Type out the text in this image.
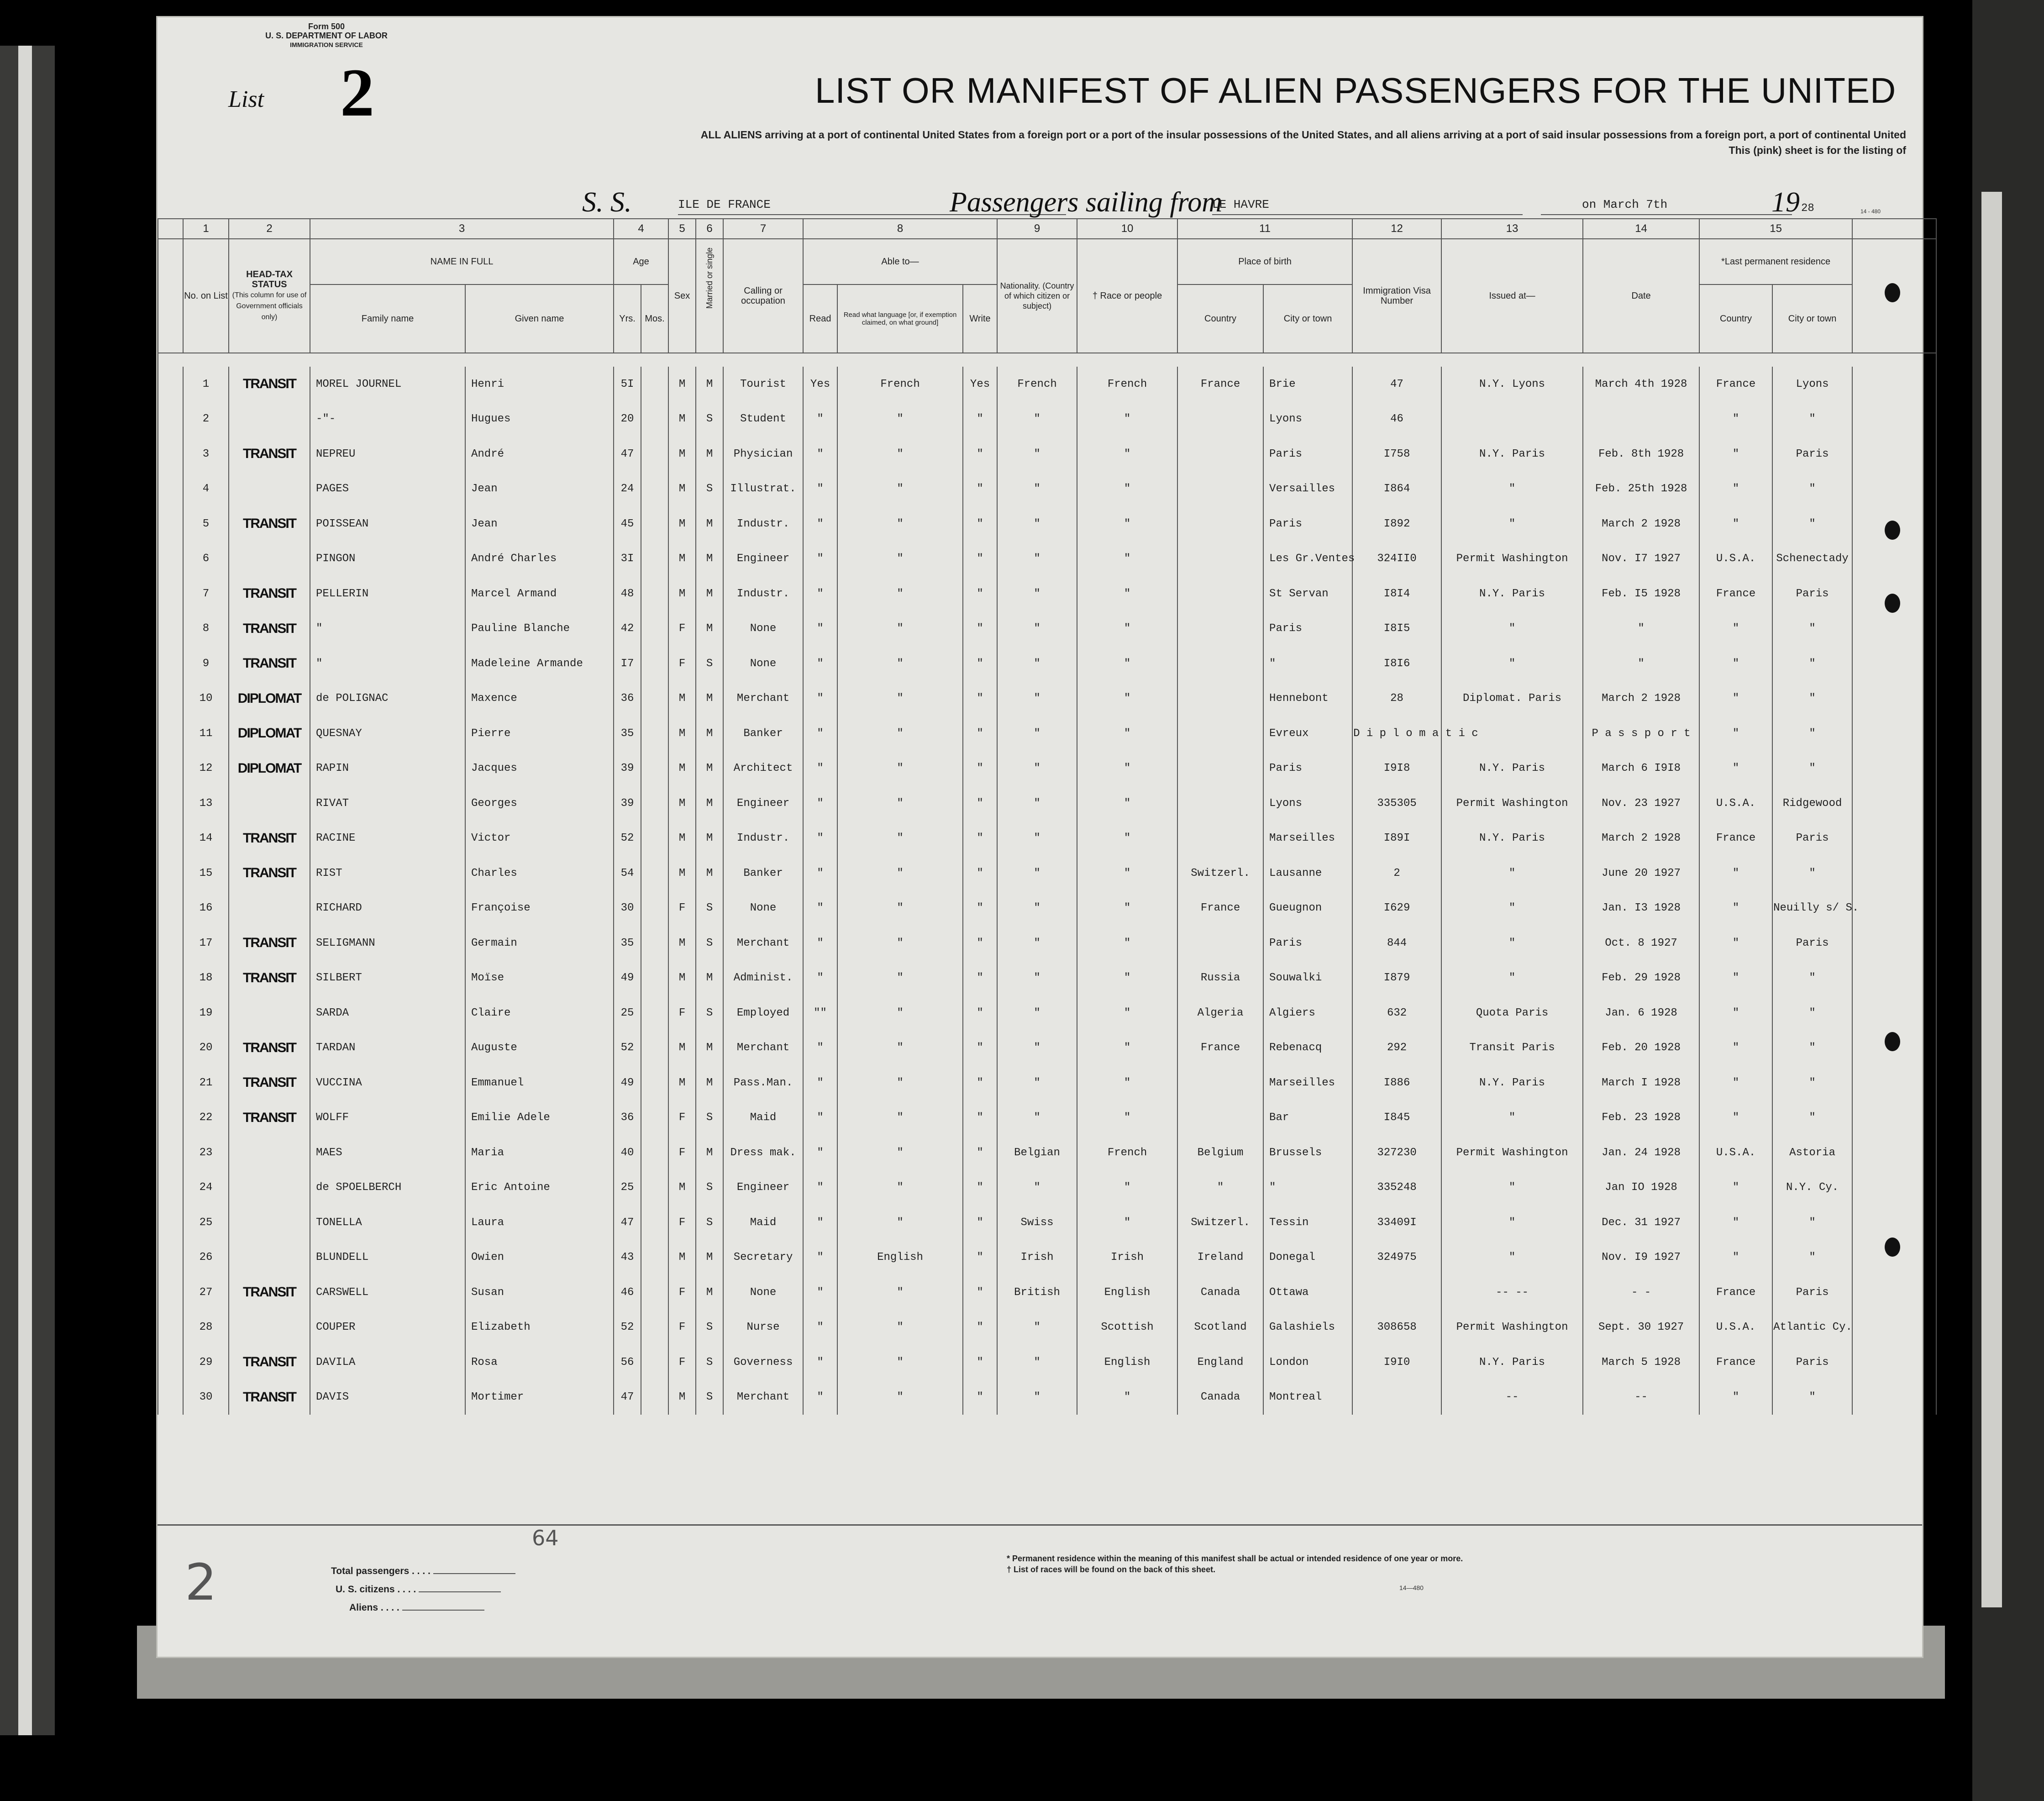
Form 500
U. S. DEPARTMENT OF LABOR
IMMIGRATION SERVICE
List 2	LIST OR MANIFEST OF ALIEN PASSENGERS FOR THE UNITED
ALL ALIENS arriving at a port of continental United States from a foreign port or a port of the insular possessions of the United States, and all aliens arriving at a port of said insular possessions from a foreign port, a port of continental United
This (pink) sheet is for the listing of
S. S.	ILE DE FRANCE	Passengers sailing from
LE HAVRE	on March 7th	19 28	14 - 480
	1	2	3		4		5	6	7	8			9	10	11		12	13	14	15		
	No. on List	HEAD-TAX STATUS
(This column for use of Government officials only)	NAME IN FULL		Age		Sex	Married or single	Calling or occupation	Able to—			Nationality. (Country of which citizen or subject)	† Race or people	Place of birth		Immigration Visa Number	Issued at—	Date	*Last permanent residence		
			Family name	Given name	Yrs.	Mos.				Read	Read what language [or, if exemption claimed, on what ground]	Write			Country	City or town				Country	City or town	

	1	TRANSIT	MOREL JOURNEL	Henri	5I		M	M	Tourist	Yes	French	Yes	French	French	France	Brie	47	N.Y. Lyons	March 4th 1928	France	Lyons	
	2		-"-	Hugues	20		M	S	Student	"	"	"	"	"		Lyons	46			"	"	
	3	TRANSIT	NEPREU	André	47		M	M	Physician	"	"	"	"	"		Paris	I758	N.Y. Paris	Feb. 8th 1928	"	Paris	
	4		PAGES	Jean	24		M	S	Illustrat.	"	"	"	"	"		Versailles	I864	"	Feb. 25th 1928	"	"	
	5	TRANSIT	POISSEAN	Jean	45		M	M	Industr.	"	"	"	"	"		Paris	I892	"	March 2 1928	"	"	
	6		PINGON	André Charles	3I		M	M	Engineer	"	"	"	"	"		Les Gr.Ventes	324II0	Permit Washington	Nov. I7 1927	U.S.A.	Schenectady	
	7	TRANSIT	PELLERIN	Marcel Armand	48		M	M	Industr.	"	"	"	"	"		St Servan	I8I4	N.Y. Paris	Feb. I5 1928	France	Paris	
	8	TRANSIT	"	Pauline Blanche	42		F	M	None	"	"	"	"	"		Paris	I8I5	"	"	"	"	
	9	TRANSIT	"	Madeleine Armande	I7		F	S	None	"	"	"	"	"		"	I8I6	"	"	"	"	
	10	DIPLOMAT	de POLIGNAC	Maxence	36		M	M	Merchant	"	"	"	"	"		Hennebont	28	Diplomat. Paris	March 2 1928	"	"	
	11	DIPLOMAT	QUESNAY	Pierre	35		M	M	Banker	"	"	"	"	"		Evreux	D i p l o m a t i c		P a s s p o r t	"	"	
	12	DIPLOMAT	RAPIN	Jacques	39		M	M	Architect	"	"	"	"	"		Paris	I9I8	N.Y. Paris	March 6 I9I8	"	"	
	13		RIVAT	Georges	39		M	M	Engineer	"	"	"	"	"		Lyons	335305	Permit Washington	Nov. 23 1927	U.S.A.	Ridgewood	
	14	TRANSIT	RACINE	Victor	52		M	M	Industr.	"	"	"	"	"		Marseilles	I89I	N.Y. Paris	March 2 1928	France	Paris	
	15	TRANSIT	RIST	Charles	54		M	M	Banker	"	"	"	"	"	Switzerl.	Lausanne	2	"	June 20 1927	"	"	
	16		RICHARD	Françoise	30		F	S	None	"	"	"	"	"	France	Gueugnon	I629	"	Jan. I3 1928	"	Neuilly s/ S.	
	17	TRANSIT	SELIGMANN	Germain	35		M	S	Merchant	"	"	"	"	"		Paris	844	"	Oct. 8 1927	"	Paris	
	18	TRANSIT	SILBERT	Moïse	49		M	M	Administ.	"	"	"	"	"	Russia	Souwalki	I879	"	Feb. 29 1928	"	"	
	19		SARDA	Claire	25		F	S	Employed	""	"	"	"	"	Algeria	Algiers	632	Quota Paris	Jan. 6 1928	"	"	
	20	TRANSIT	TARDAN	Auguste	52		M	M	Merchant	"	"	"	"	"	France	Rebenacq	292	Transit Paris	Feb. 20 1928	"	"	
	21	TRANSIT	VUCCINA	Emmanuel	49		M	M	Pass.Man.	"	"	"	"	"		Marseilles	I886	N.Y. Paris	March I 1928	"	"	
	22	TRANSIT	WOLFF	Emilie Adele	36		F	S	Maid	"	"	"	"	"		Bar	I845	"	Feb. 23 1928	"	"	
	23		MAES	Maria	40		F	M	Dress mak.	"	"	"	Belgian	French	Belgium	Brussels	327230	Permit Washington	Jan. 24 1928	U.S.A.	Astoria	
	24		de SPOELBERCH	Eric Antoine	25		M	S	Engineer	"	"	"	"	"	"	"	335248	"	Jan IO 1928	"	N.Y. Cy.	
	25		TONELLA	Laura	47		F	S	Maid	"	"	"	Swiss	"	Switzerl.	Tessin	33409I	"	Dec. 31 1927	"	"	
	26		BLUNDELL	Owien	43		M	M	Secretary	"	English	"	Irish	Irish	Ireland	Donegal	324975	"	Nov. I9 1927	"	"	
	27	TRANSIT	CARSWELL	Susan	46		F	M	None	"	"	"	British	English	Canada	Ottawa		-- --	- -	France	Paris	
	28		COUPER	Elizabeth	52		F	S	Nurse	"	"	"	"	Scottish	Scotland	Galashiels	308658	Permit Washington	Sept. 30 1927	U.S.A.	Atlantic Cy.	
	29	TRANSIT	DAVILA	Rosa	56		F	S	Governess	"	"	"	"	English	England	London	I9I0	N.Y. Paris	March 5 1928	France	Paris	
	30	TRANSIT	DAVIS	Mortimer	47		M	S	Merchant	"	"	"	"	"	Canada	Montreal		--	--	"	"	
Total passengers . . . .
U. S. citizens . . . .
Aliens . . . .
* Permanent residence within the meaning of this manifest shall be actual or intended residence of one year or more.
† List of races will be found on the back of this sheet.
14—480
64
2
